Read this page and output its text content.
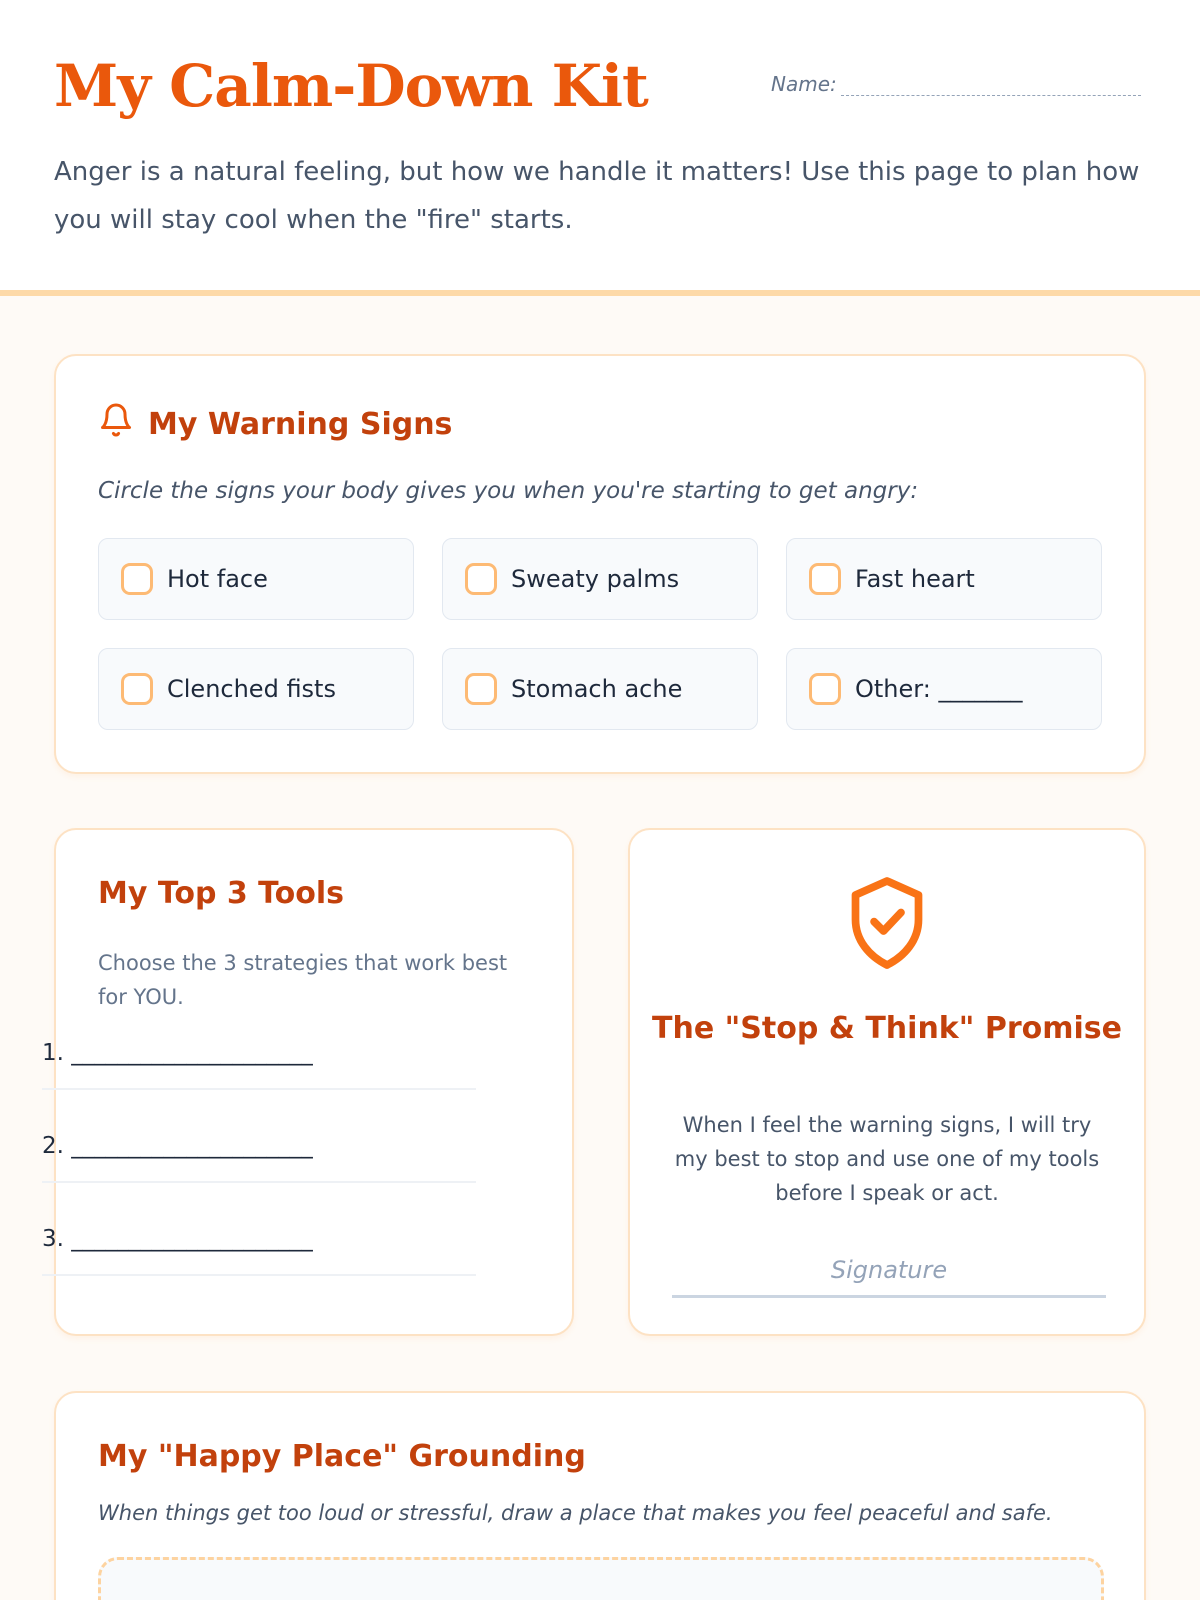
My Calm-Down Kit	Name:

Anger is a natural feeling, but how we handle it matters! Use this page to plan how you will stay cool when the "fire" starts.

My Warning Signs

Circle the signs your body gives you when you're starting to get angry:

Hot face	Sweaty palms	Fast heart
Clenched fists	Stomach ache	Other: _______
My Top 3 Tools

Choose the 3 strategies that work best for YOU.

1. _____________________
2. _____________________
3. _____________________
The "Stop & Think" Promise

When I feel the warning signs, I will try my best to stop and use one of my tools before I speak or act.

Signature
My "Happy Place" Grounding

When things get too loud or stressful, draw a place that makes you feel peaceful and safe.
